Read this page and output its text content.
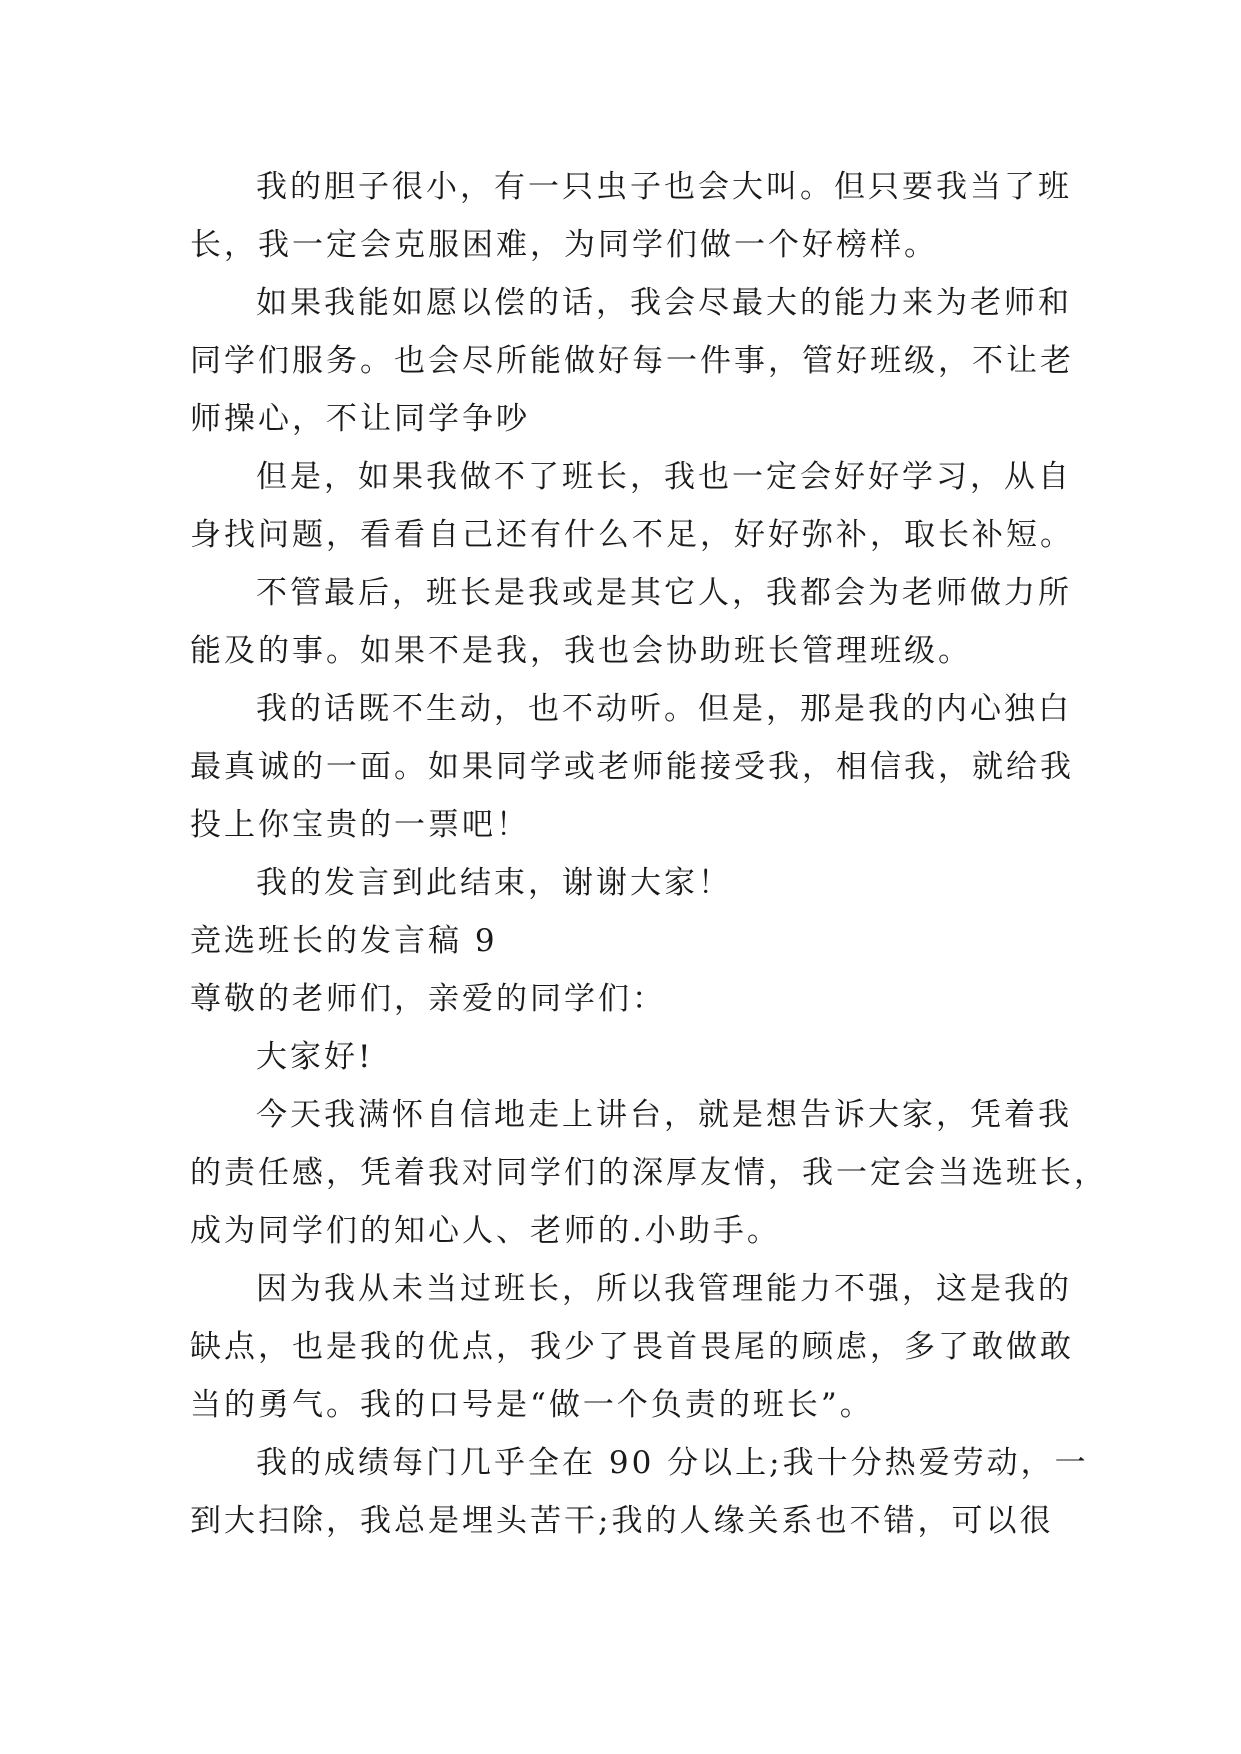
我的胆子很小，有一只虫子也会大叫。但只要我当了班

长，我一定会克服困难，为同学们做一个好榜样。

如果我能如愿以偿的话，我会尽最大的能力来为老师和

同学们服务。也会尽所能做好每一件事，管好班级，不让老

师操心，不让同学争吵

但是，如果我做不了班长，我也一定会好好学习，从自

身找问题，看看自己还有什么不足，好好弥补，取长补短。

不管最后，班长是我或是其它人，我都会为老师做力所

能及的事。如果不是我，我也会协助班长管理班级。

我的话既不生动，也不动听。但是，那是我的内心独白

最真诚的一面。如果同学或老师能接受我，相信我，就给我

投上你宝贵的一票吧！

我的发言到此结束，谢谢大家！

竞选班长的发言稿 9

尊敬的老师们，亲爱的同学们：

大家好!

今天我满怀自信地走上讲台，就是想告诉大家，凭着我

的责任感，凭着我对同学们的深厚友情，我一定会当选班长，

成为同学们的知心人、老师的.小助手。

因为我从未当过班长，所以我管理能力不强，这是我的

缺点，也是我的优点，我少了畏首畏尾的顾虑，多了敢做敢

当的勇气。我的口号是“做一个负责的班长”。

我的成绩每门几乎全在 90 分以上;我十分热爱劳动，一

到大扫除，我总是埋头苦干;我的人缘关系也不错，可以很
